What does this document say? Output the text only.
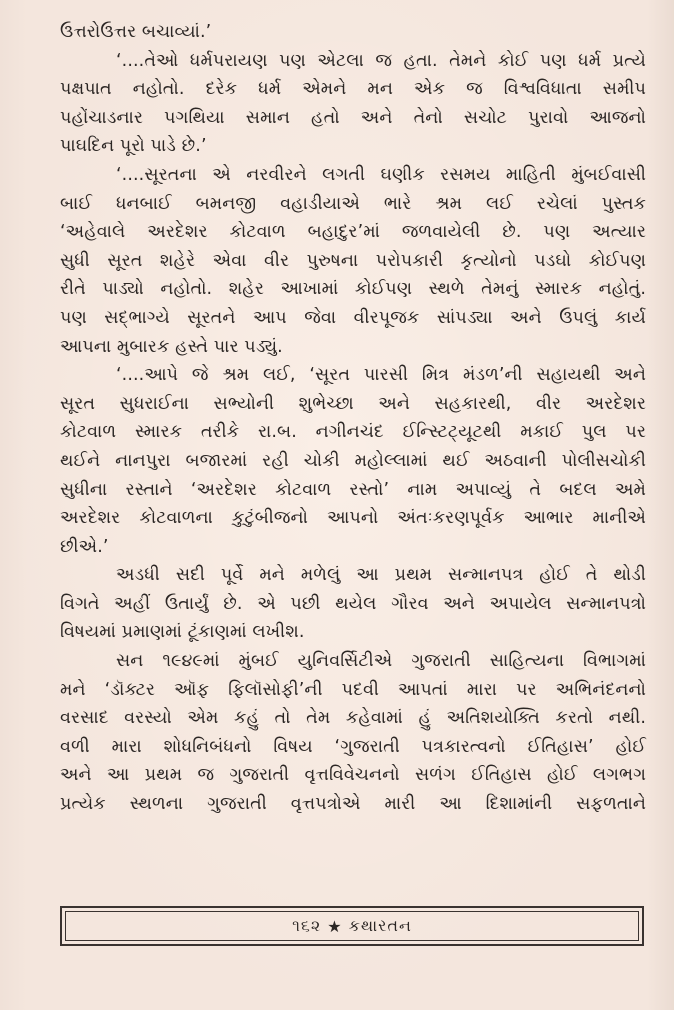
ઉત્તરોઉત્તર બચાવ્યાં.’
‘....તેઓ ધર્મપરાયણ પણ એટલા જ હતા. તેમને કોઈ પણ ધર્મ પ્રત્યે
પક્ષપાત નહોતો. દરેક ધર્મ એમને મન એક જ વિશ્વવિધાતા સમીપ
પહોંચાડનાર પગથિયા સમાન હતો અને તેનો સચોટ પુરાવો આજનો
પાઘદિન પૂરો પાડે છે.’
‘....સૂરતના એ નરવીરને લગતી ઘણીક રસમય માહિતી મુંબઈવાસી
બાઈ ધનબાઈ બમનજી વહાડીયાએ ભારે શ્રમ લઈ રચેલાં પુસ્તક
‘અહેવાલે અરદેશર કોટવાળ બહાદુર’માં જળવાયેલી છે. પણ અત્યાર
સુધી સૂરત શહેરે એવા વીર પુરુષના પરોપકારી કૃત્યોનો પડઘો કોઈપણ
રીતે પાડ્યો નહોતો. શહેર આખામાં કોઈપણ સ્થળે તેમનું સ્મારક નહોતું.
પણ સદ્ભાગ્યે સૂરતને આપ જેવા વીરપૂજક સાંપડ્યા અને ઉપલું કાર્ય
આપના મુબારક હસ્તે પાર પડ્યું.
‘....આપે જે શ્રમ લઈ, ‘સૂરત પારસી મિત્ર મંડળ’ની સહાયથી અને
સૂરત સુધરાઈના સભ્યોની શુભેચ્છા અને સહકારથી, વીર અરદેશર
કોટવાળ સ્મારક તરીકે રા.બ. નગીનચંદ ઈન્સ્ટિટ્યૂટથી મકાઈ પુલ પર
થઈને નાનપુરા બજારમાં રહી ચોકી મહોલ્લામાં થઈ અઠવાની પોલીસચોકી
સુધીના રસ્તાને ‘અરદેશર કોટવાળ રસ્તો’ નામ અપાવ્યું તે બદલ અમે
અરદેશર કોટવાળના કુટુંબીજનો આપનો અંતઃકરણપૂર્વક આભાર માનીએ
છીએ.’
અડધી સદી પૂર્વે મને મળેલું આ પ્રથમ સન્માનપત્ર હોઈ તે થોડી
વિગતે અહીં ઉતાર્યું છે. એ પછી થયેલ ગૌરવ અને અપાયેલ સન્માનપત્રો
વિષયમાં પ્રમાણમાં ટૂંકાણમાં લખીશ.
સન ૧૯૪૯માં મુંબઈ યુનિવર્સિટીએ ગુજરાતી સાહિત્યના વિભાગમાં
મને ‘ડૉક્ટર ઑફ ફિલૉસોફી’ની પદવી આપતાં મારા પર અભિનંદનનો
વરસાદ વરસ્યો એમ કહું તો તેમ કહેવામાં હું અતિશયોક્તિ કરતો નથી.
વળી મારા શોધનિબંધનો વિષય ‘ગુજરાતી પત્રકારત્વનો ઈતિહાસ’ હોઈ
અને આ પ્રથમ જ ગુજરાતી વૃત્તવિવેચનનો સળંગ ઈતિહાસ હોઈ લગભગ
પ્રત્યેક સ્થળના ગુજરાતી વૃત્તપત્રોએ મારી આ દિશામાંની સફળતાને
૧૬૨ ★ કથારતન
